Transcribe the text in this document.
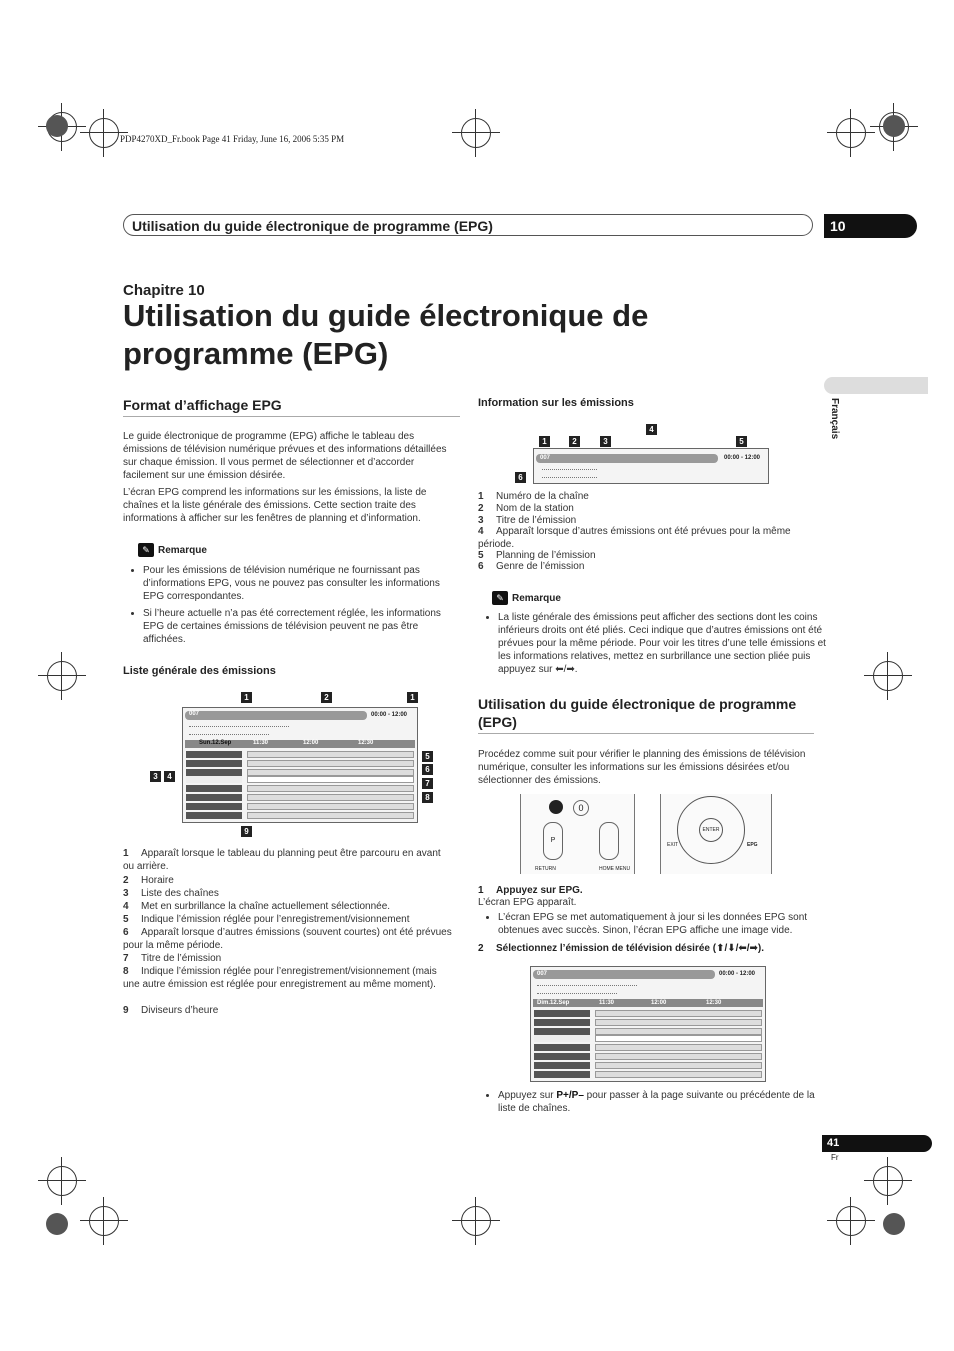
PDP4270XD_Fr.book Page 41 Friday, June 16, 2006 5:35 PM
Utilisation du guide électronique de programme (EPG)	10
Chapitre 10
Utilisation du guide électronique de programme (EPG)
Français
Format d’affichage EPG
Le guide électronique de programme (EPG) affiche le tableau des émissions de télévision numérique prévues et des informations détaillées sur chaque émission. Il vous permet de sélectionner et d’accorder facilement sur une émission désirée.
L’écran EPG comprend les informations sur les émissions, la liste de chaînes et la liste générale des émissions. Cette section traite des informations à afficher sur les fenêtres de planning et d’information.
✎ Remarque
• Pour les émissions de télévision numérique ne fournissant pas d’informations EPG, vous ne pouvez pas consulter les informations EPG correspondantes.
• Si l’heure actuelle n’a pas été correctement réglée, les informations EPG de certaines émissions de télévision peuvent ne pas être affichées.
Liste générale des émissions
007	00:00 - 12:00
Sun.12.Sep	11:30	12:00	12:30
1	2	1
5
6
7
8
3	4
9
1 Apparaît lorsque le tableau du planning peut être parcouru en avant ou arrière.
2 Horaire
3 Liste des chaînes
4 Met en surbrillance la chaîne actuellement sélectionnée.
5 Indique l’émission réglée pour l’enregistrement/visionnement
6 Apparaît lorsque d’autres émissions (souvent courtes) ont été prévues pour la même période.
7 Titre de l’émission
8 Indique l’émission réglée pour l’enregistrement/visionnement (mais une autre émission est réglée pour enregistrement au même moment).
9 Diviseurs d’heure
Information sur les émissions
007	00:00 - 12:00
4
1	2	3	5
6
1 Numéro de la chaîne
2 Nom de la station
3 Titre de l’émission
4 Apparaît lorsque d’autres émissions ont été prévues pour la même période.
5 Planning de l’émission
6 Genre de l’émission
✎ Remarque
• La liste générale des émissions peut afficher des sections dont les coins inférieurs droits ont été pliés. Ceci indique que d’autres émissions ont été prévues pour la même période. Pour voir les titres d’une telle émissions et les informations relatives, mettez en surbrillance une section pliée puis appuyez sur ⬅/➡.
Utilisation du guide électronique de programme (EPG)
Procédez comme suit pour vérifier le planning des émissions de télévision numérique, consulter les informations sur les émissions désirées et/ou sélectionner des émissions.
0
P
RETURN	HOME MENU
ENTER
EXIT	EPG
1 Appuyez sur EPG.
L’écran EPG apparaît.
• L’écran EPG se met automatiquement à jour si les données EPG sont obtenues avec succès. Sinon, l’écran EPG affiche une image vide.
2 Sélectionnez l’émission de télévision désirée (⬆/⬇/⬅/➡).
007	00:00 - 12:00
Dim.12.Sep	11:30	12:00	12:30
• Appuyez sur P+/P– pour passer à la page suivante ou précédente de la liste de chaînes.
41
Fr
